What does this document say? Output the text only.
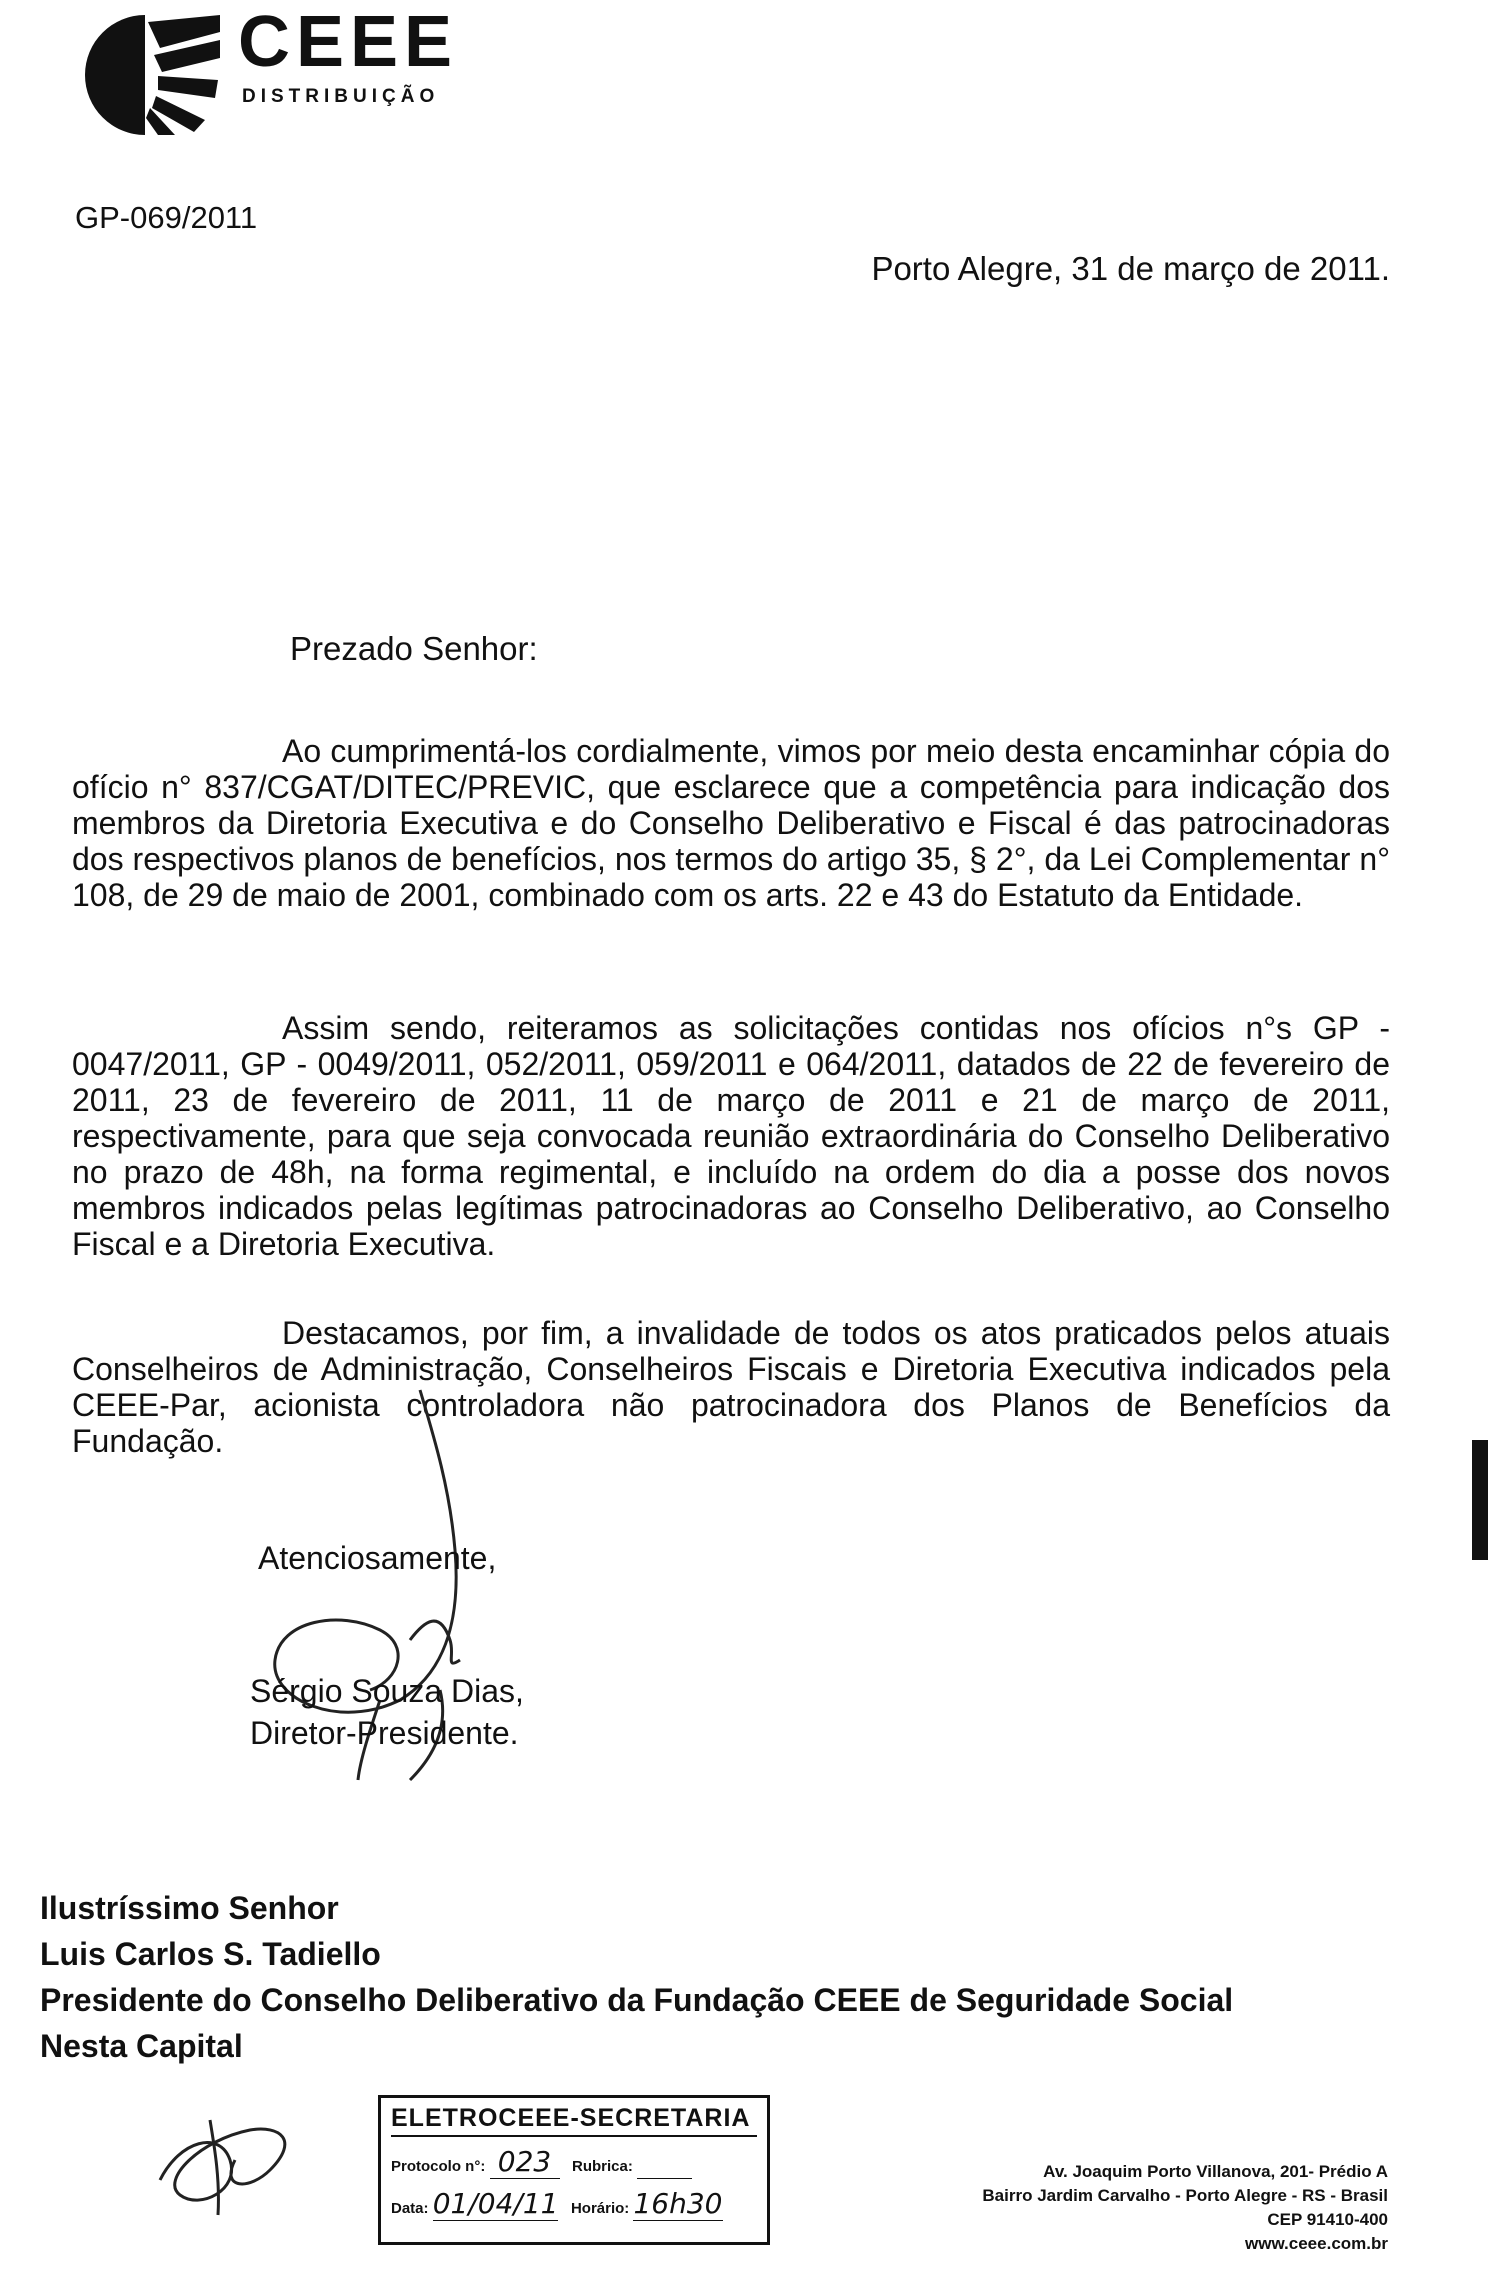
CEEE
DISTRIBUIÇÃO
GP-069/2011
Porto Alegre, 31 de março de 2011.
Prezado Senhor:

Ao cumprimentá-los cordialmente, vimos por meio desta encaminhar cópia do ofício n° 837/CGAT/DITEC/PREVIC, que esclarece que a competência para indicação dos membros da Diretoria Executiva e do Conselho Deliberativo e Fiscal é das patrocinadoras dos respectivos planos de benefícios, nos termos do artigo 35, § 2°, da Lei Complementar n° 108, de 29 de maio de 2001, combinado com os arts. 22 e 43 do Estatuto da Entidade.

Assim sendo, reiteramos as solicitações contidas nos ofícios n°s GP - 0047/2011, GP - 0049/2011, 052/2011, 059/2011 e 064/2011, datados de 22 de fevereiro de 2011, 23 de fevereiro de 2011, 11 de março de 2011 e 21 de março de 2011, respectivamente, para que seja convocada reunião extraordinária do Conselho Deliberativo no prazo de 48h, na forma regimental, e incluído na ordem do dia a posse dos novos membros indicados pelas legítimas patrocinadoras ao Conselho Deliberativo, ao Conselho Fiscal e a Diretoria Executiva.

Destacamos, por fim, a invalidade de todos os atos praticados pelos atuais Conselheiros de Administração, Conselheiros Fiscais e Diretoria Executiva indicados pela CEEE-Par, acionista controladora não patrocinadora dos Planos de Benefícios da Fundação.

Atenciosamente,
Sérgio Souza Dias,
Diretor-Presidente.
Ilustríssimo Senhor
Luis Carlos S. Tadiello
Presidente do Conselho Deliberativo da Fundação CEEE de Seguridade Social
Nesta Capital
ELETROCEEE-SECRETARIA
Protocolo n°: 023 Rubrica:
Data: 01/04/11 Horário: 16h30
Av. Joaquim Porto Villanova, 201- Prédio A
Bairro Jardim Carvalho - Porto Alegre - RS - Brasil
CEP 91410-400
www.ceee.com.br
